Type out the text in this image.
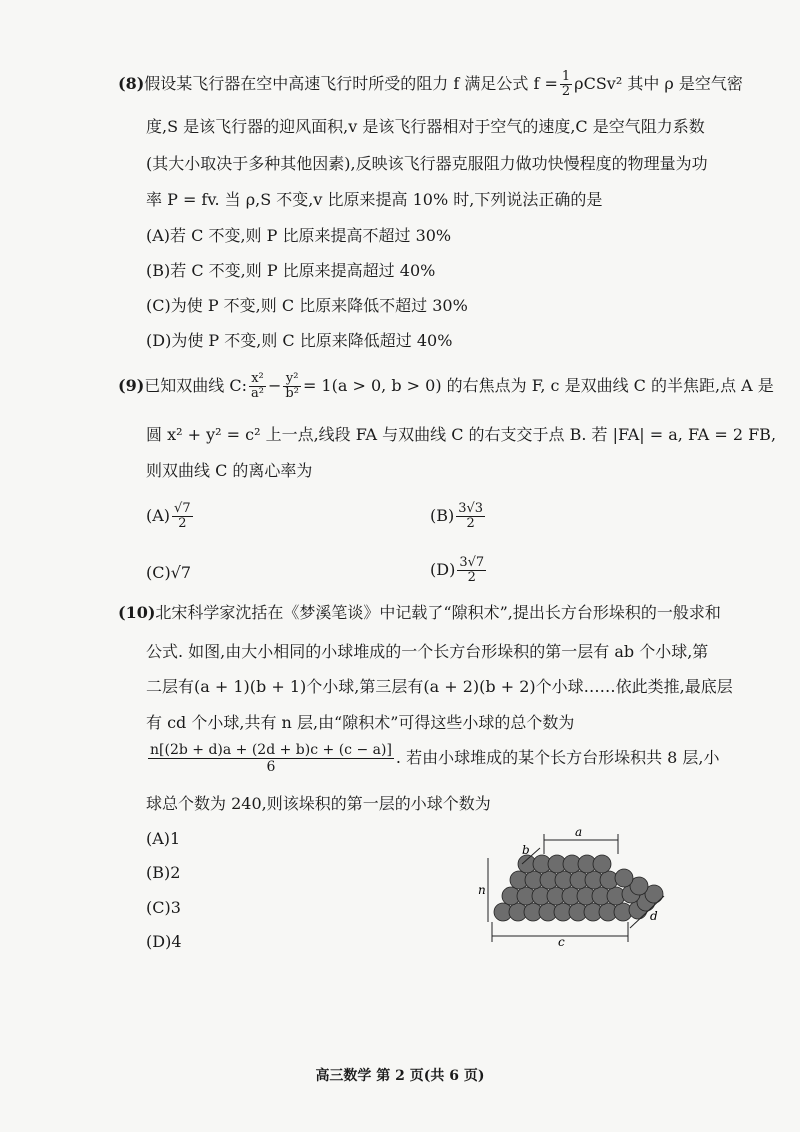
(8)假设某飞行器在空中高速飞行时所受的阻力 f 满足公式 $f = \frac{1}{2} \rho CSv^2$ 其中 ρ 是空气密
度,S 是该飞行器的迎风面积,v 是该飞行器相对于空气的速度,C 是空气阻力系数
(其大小取决于多种其他因素),反映该飞行器克服阻力做功快慢程度的物理量为功
率 P = fv. 当 ρ,S 不变,v 比原来提高 10% 时,下列说法正确的是
(A)若 C 不变,则 P 比原来提高不超过 30%
(B)若 C 不变,则 P 比原来提高超过 40%
(C)为使 P 不变,则 C 比原来降低不超过 30%
(D)为使 P 不变,则 C 比原来降低超过 40%
(9)已知双曲线 C: $\frac{\text{x²}}{\text{a²}} - \frac{\text{y²}}{\text{b²}} = 1(a > 0$, b > 0) 的右焦点为 F, c 是双曲线 C 的半焦距,点 A 是
圆 x² + y² = c² 上一点,线段 FA 与双曲线 C 的右支交于点 B. 若 |FA| = a, FA = 2 FB,
则双曲线 C 的离心率为
$(A) \frac{√7}{2}$	$(B) \frac{3√3}{2}$
(C)√7	$(D) \frac{3√7}{2}$
(10)北宋科学家沈括在《梦溪笔谈》中记载了“隙积术”,提出长方台形垛积的一般求和
公式. 如图,由大小相同的小球堆成的一个长方台形垛积的第一层有 ab 个小球,第
二层有(a + 1)(b + 1)个小球,第三层有(a + 2)(b + 2)个小球……依此类推,最底层
有 cd 个小球,共有 n 层,由“隙积术”可得这些小球的总个数为
$\frac{n[(2b + d)a + (2d + b)c + (c - a)]}{6}$ . 若由小球堆成的某个长方台形垛积共 8 层,小
球总个数为 240,则该垛积的第一层的小球个数为
(A)1
(B)2
(C)3
(D)4
a
b
n
c
d
高三数学 第 2 页(共 6 页)
